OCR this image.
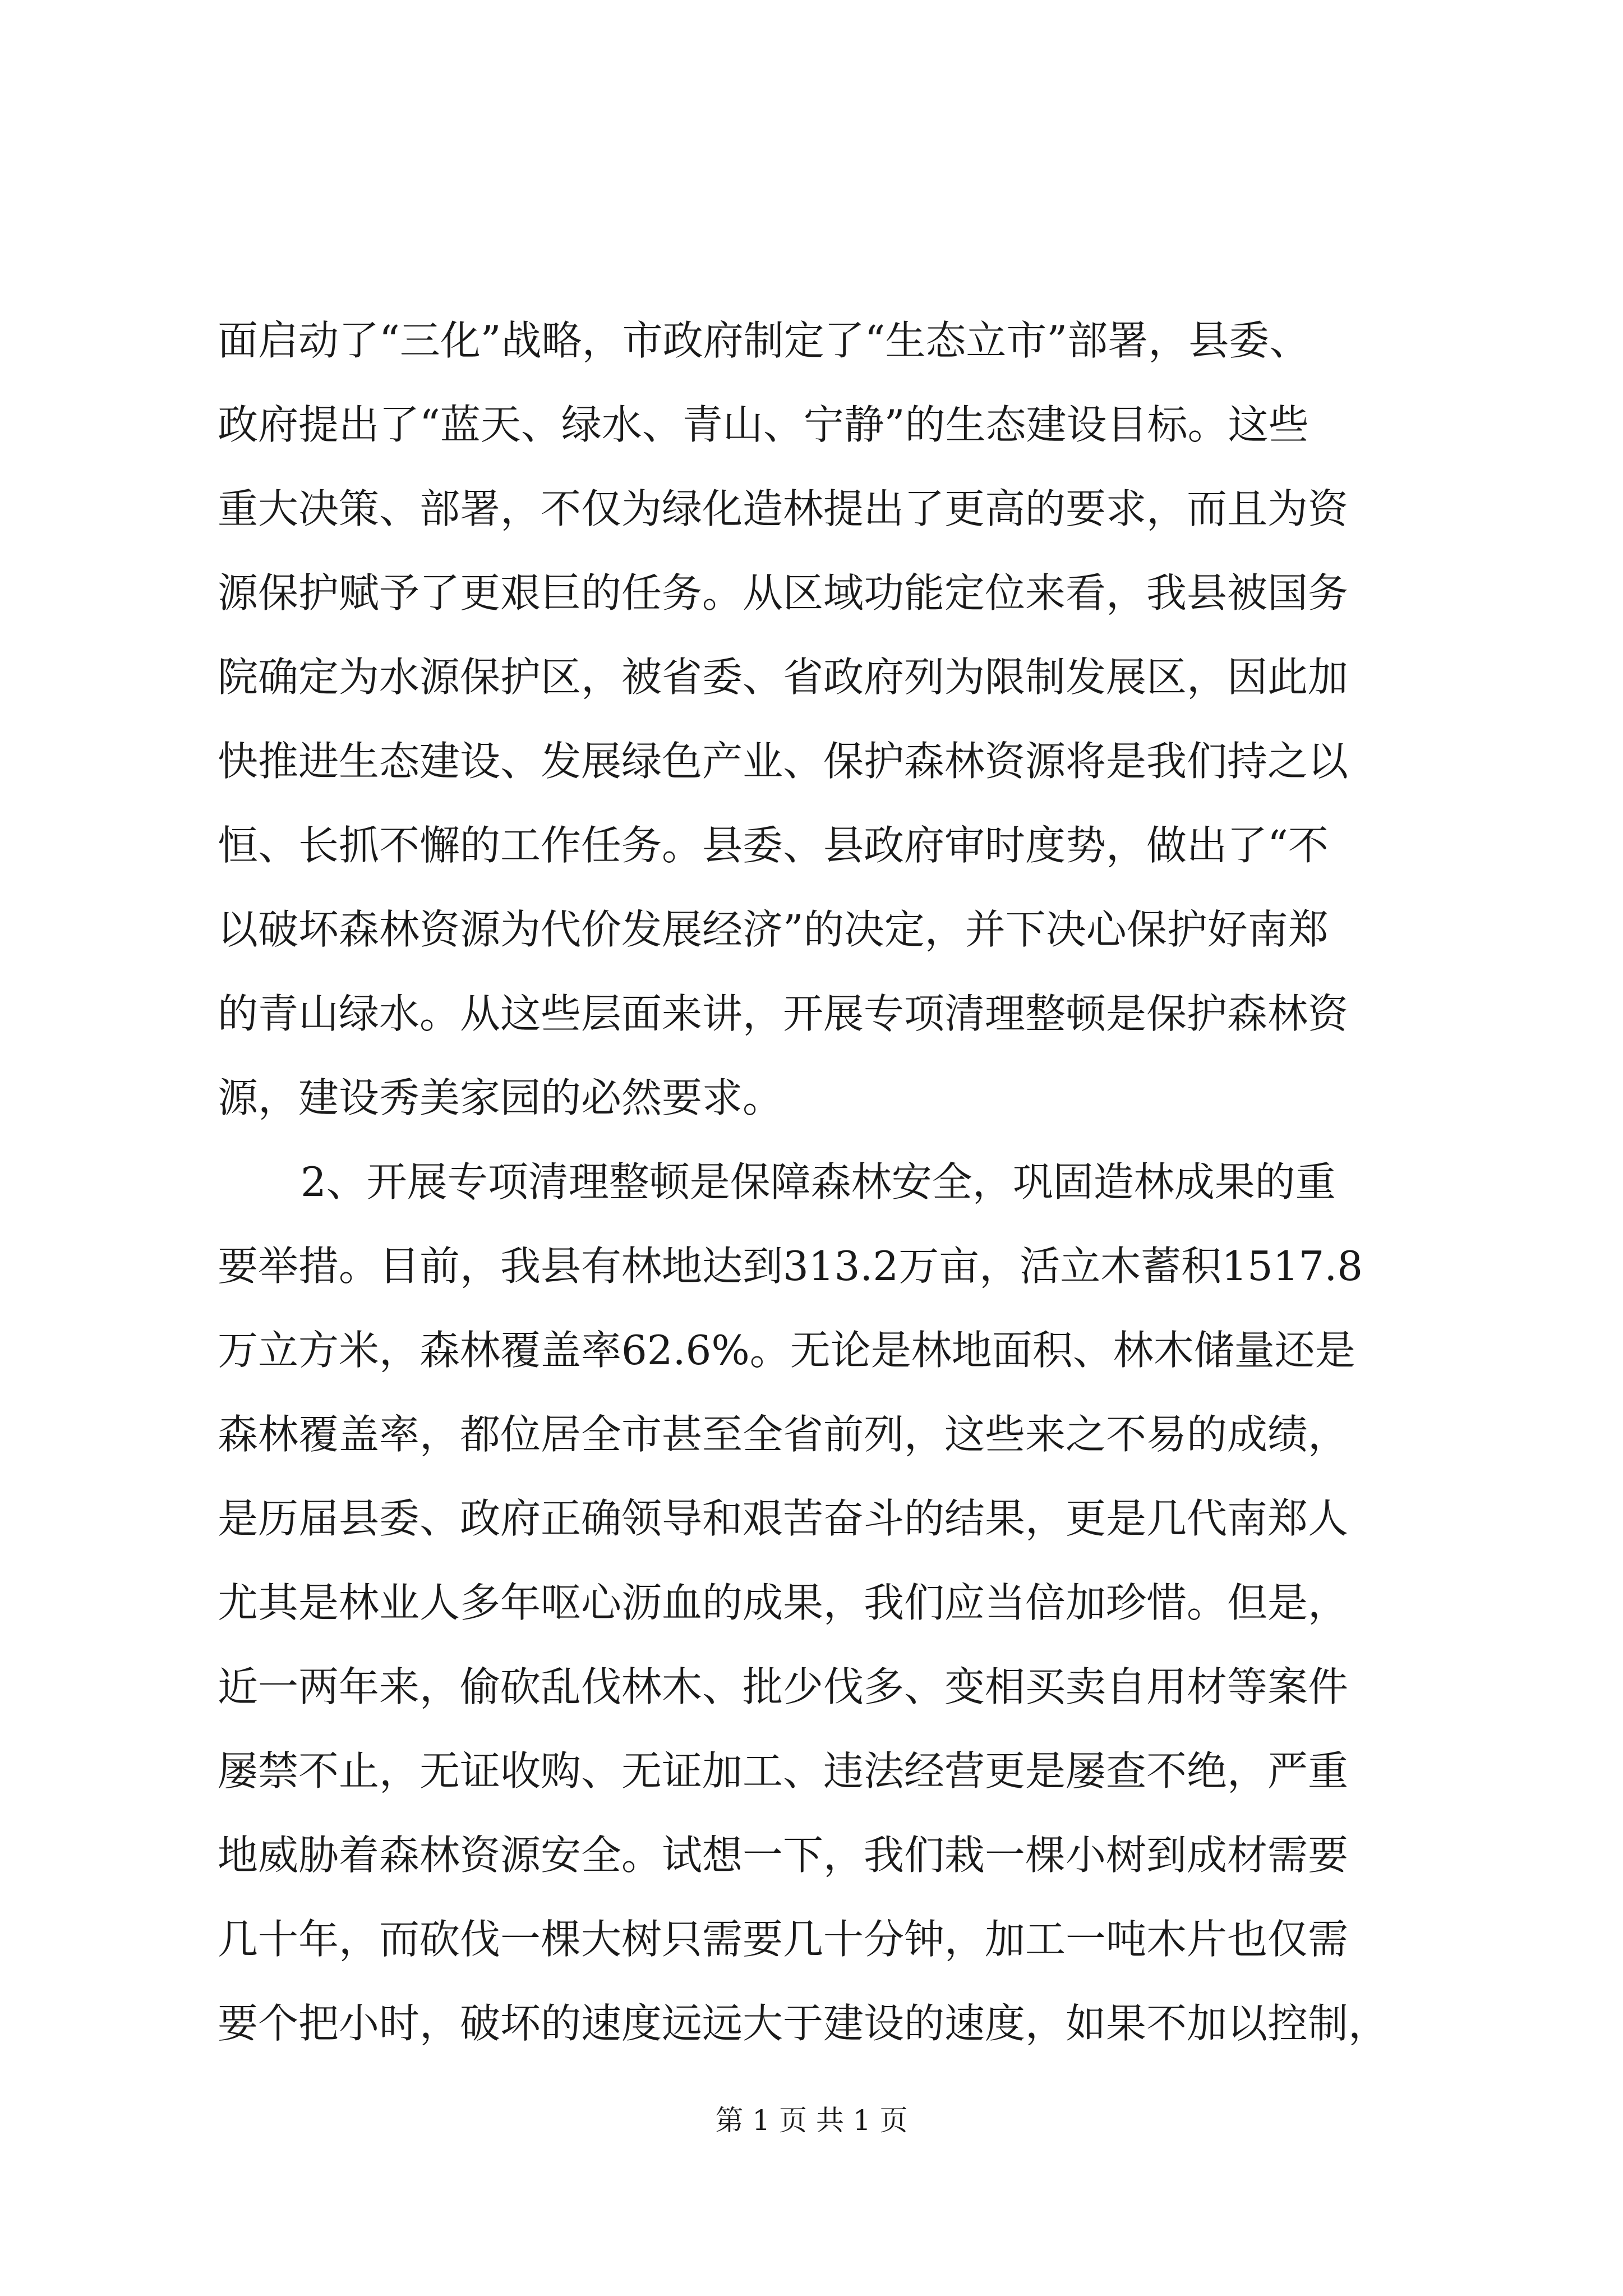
面启动了“三化”战略，市政府制定了“生态立市”部署，县委、
政府提出了“蓝天、绿水、青山、宁静”的生态建设目标。这些
重大决策、部署，不仅为绿化造林提出了更高的要求，而且为资
源保护赋予了更艰巨的任务。从区域功能定位来看，我县被国务
院确定为水源保护区，被省委、省政府列为限制发展区，因此加
快推进生态建设、发展绿色产业、保护森林资源将是我们持之以
恒、长抓不懈的工作任务。县委、县政府审时度势，做出了“不
以破坏森林资源为代价发展经济”的决定，并下决心保护好南郑
的青山绿水。从这些层面来讲，开展专项清理整顿是保护森林资
源，建设秀美家园的必然要求。
2、开展专项清理整顿是保障森林安全，巩固造林成果的重
要举措。目前，我县有林地达到313.2万亩，活立木蓄积1517.8
万立方米，森林覆盖率62.6%。无论是林地面积、林木储量还是
森林覆盖率，都位居全市甚至全省前列，这些来之不易的成绩，
是历届县委、政府正确领导和艰苦奋斗的结果，更是几代南郑人
尤其是林业人多年呕心沥血的成果，我们应当倍加珍惜。但是，
近一两年来，偷砍乱伐林木、批少伐多、变相买卖自用材等案件
屡禁不止，无证收购、无证加工、违法经营更是屡查不绝，严重
地威胁着森林资源安全。试想一下，我们栽一棵小树到成材需要
几十年，而砍伐一棵大树只需要几十分钟，加工一吨木片也仅需
要个把小时，破坏的速度远远大于建设的速度，如果不加以控制，
第 1 页 共 1 页
